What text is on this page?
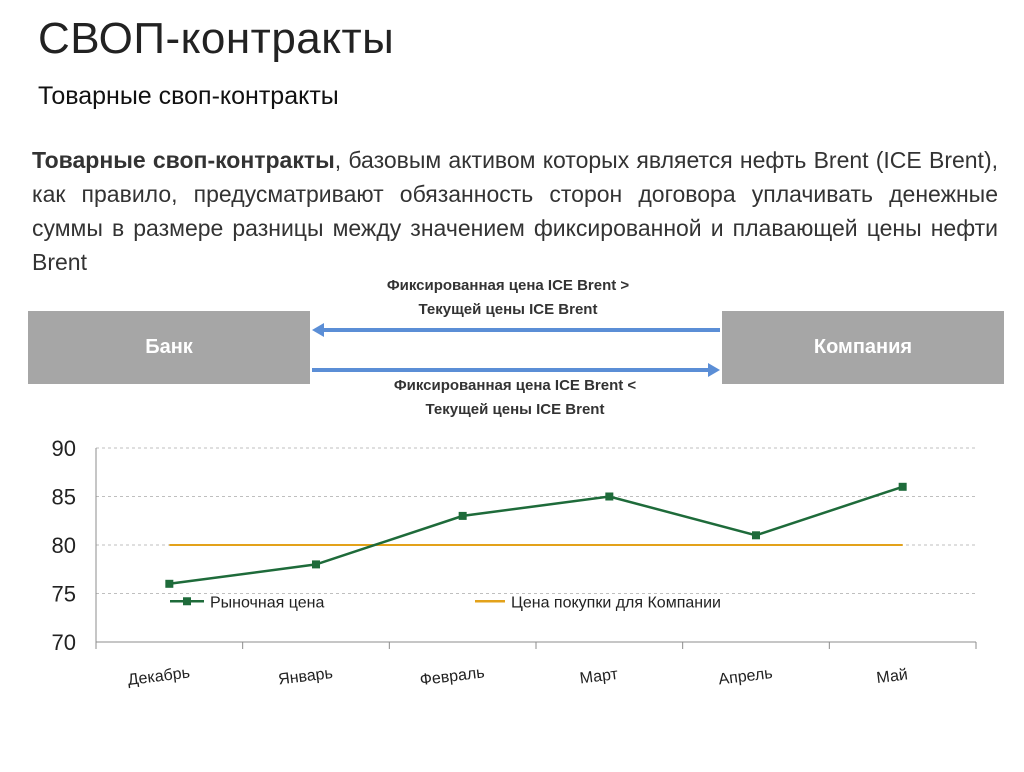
СВОП-контракты
Товарные своп-контракты
Товарные своп-контракты, базовым активом которых является нефть Brent (ICE Brent), как правило, предусматривают обязанность сторон договора уплачивать денежные суммы в размере разницы между значением фиксированной и плавающей цены нефти Brent
Фиксированная цена ICE Brent >
Текущей цены ICE Brent
Банк	Компания
Фиксированная цена ICE Brent <
Текущей цены ICE Brent
70
75
80
85
90
Декабрь	Январь	Февраль	Март	Апрель	Май
Рыночная цена	Цена покупки для Компании
